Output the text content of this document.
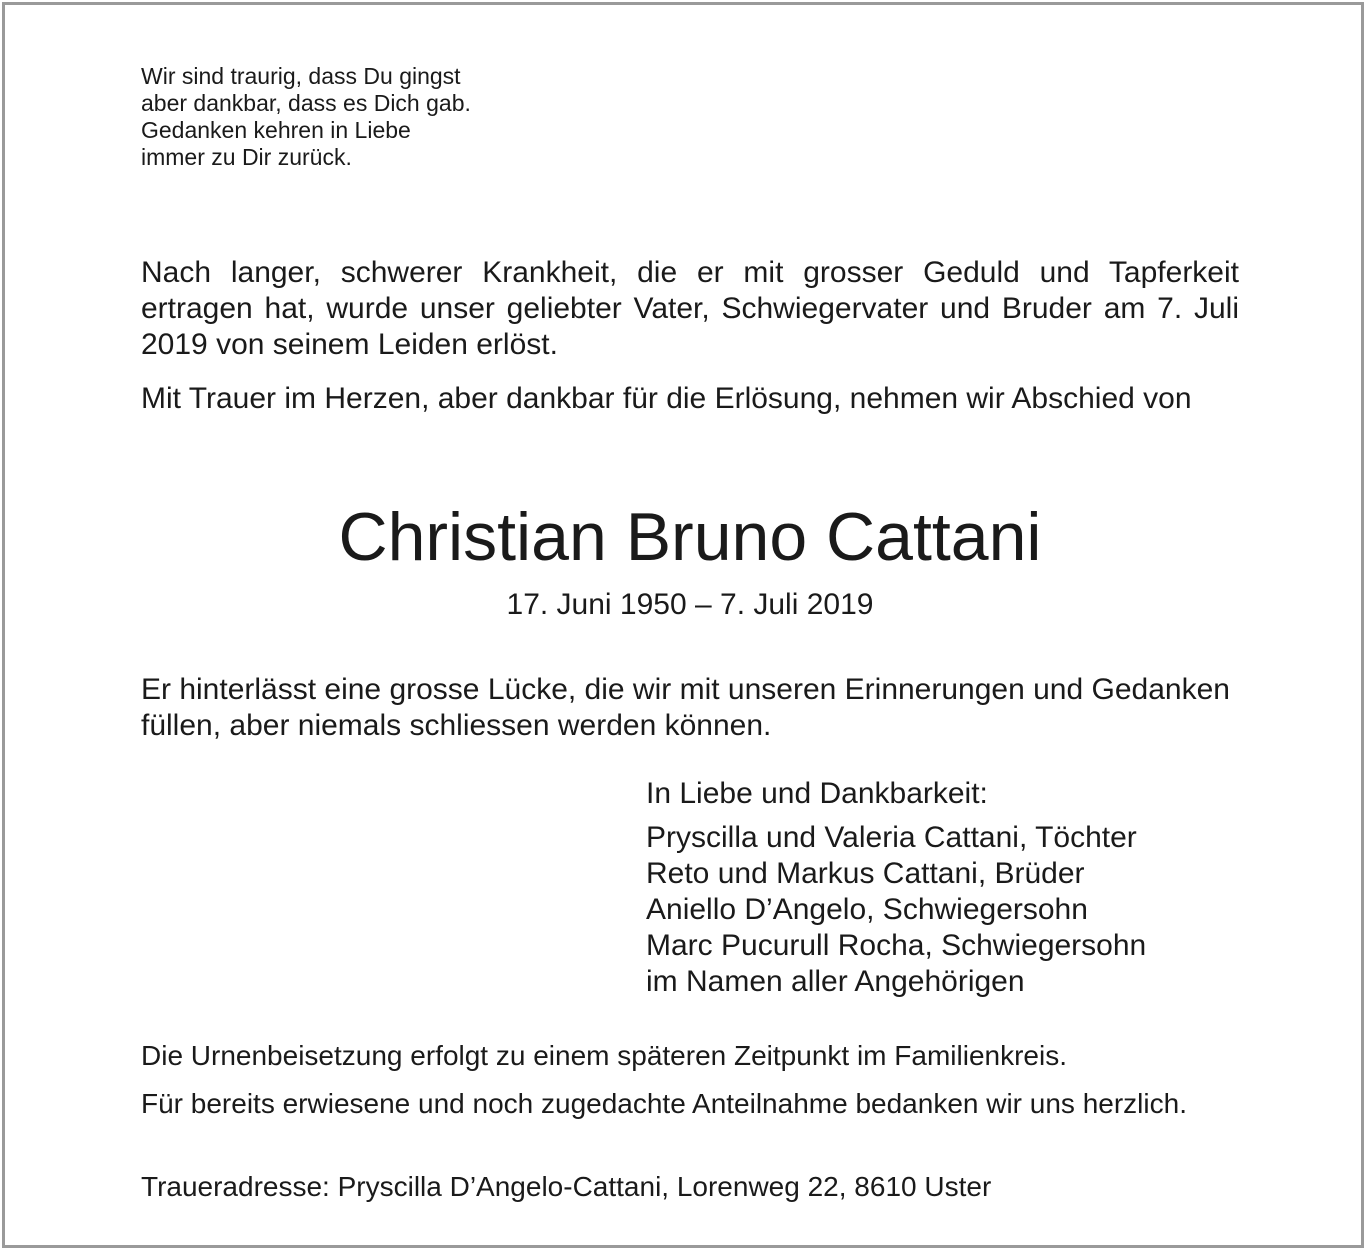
Wir sind traurig, dass Du gingst
aber dankbar, dass es Dich gab.
Gedanken kehren in Liebe
immer zu Dir zurück.

Nach langer, schwerer Krankheit, die er mit grosser Geduld und Tapferkeit ertragen hat, wurde unser geliebter Vater, Schwiegervater und Bruder am 7. Juli 2019 von seinem Leiden erlöst.

Mit Trauer im Herzen, aber dankbar für die Erlösung, nehmen wir Abschied von

Christian Bruno Cattani
17. Juni 1950 – 7. Juli 2019

Er hinterlässt eine grosse Lücke, die wir mit unseren Erinnerungen und Gedanken füllen, aber niemals schliessen werden können.

In Liebe und Dankbarkeit:
Pryscilla und Valeria Cattani, Töchter
Reto und Markus Cattani, Brüder
Aniello D’Angelo, Schwiegersohn
Marc Pucurull Rocha, Schwiegersohn
im Namen aller Angehörigen

Die Urnenbeisetzung erfolgt zu einem späteren Zeitpunkt im Familienkreis.

Für bereits erwiesene und noch zugedachte Anteilnahme bedanken wir uns herzlich.

Traueradresse: Pryscilla D’Angelo-Cattani, Lorenweg 22, 8610 Uster
